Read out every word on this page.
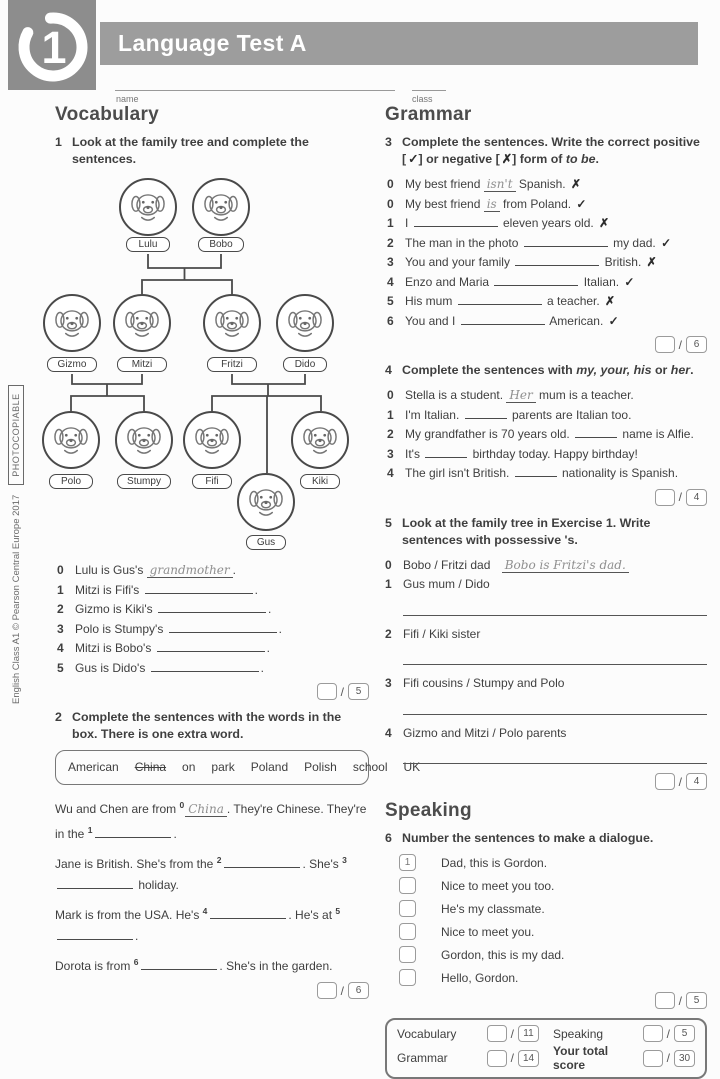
1 Language Test A
name	class
English Class A1 © Pearson Central Europe 2017
PHOTOCOPIABLE
Vocabulary
1 Look at the family tree and complete the sentences.
Lulu	Bobo
Gizmo	Mitzi	Fritzi	Dido
Polo	Stumpy	Fifi	Kiki
Gus
0 Lulu is Gus's grandmother .
1 Mitzi is Fifi's	.
2 Gizmo is Kiki's	.
3 Polo is Stumpy's	.
4 Mitzi is Bobo's	.
5 Gus is Dido's	.
/	5
2 Complete the sentences with the words in the box. There is one extra word.
American China on park Poland Polish school UK
Wu and Chen are from $^0$ China . They're Chinese. They're in the $^1$	.
Jane is British. She's from the $^2$	. She's $^3$ holiday.
Mark is from the USA. He's $^4$	. He's at $^5$.
Dorota is from $^6$	. She's in the garden.
/	6
Grammar
3 Complete the sentences. Write the correct positive [ ✓] or negative [ ✗] form of to be.
0 My best friend isn't Spanish. ✗
0 My best friend is from Poland. ✓
1 I	eleven years old. ✗
2 The man in the photo	my dad. ✓
3 You and your family	British. ✗
4 Enzo and Maria	Italian. ✓
5 His mum	a teacher. ✗
6 You and I	American. ✓
/	6
4 Complete the sentences with my, your, his or her.
0 Stella is a student. Her mum is a teacher.
1 I'm Italian.	parents are Italian too.
2 My grandfather is 70 years old.	name is Alfie.
3 It's	birthday today. Happy birthday!
4 The girl isn't British.	nationality is Spanish.
/	4
5 Look at the family tree in Exercise 1. Write sentences with possessive 's.
0 Bobo / Fritzi dad Bobo is Fritzi's dad.
1 Gus mum / Dido
2 Fifi / Kiki sister
3 Fifi cousins / Stumpy and Polo
4 Gizmo and Mitzi / Polo parents
/	4
Speaking
6 Number the sentences to make a dialogue.
1	Dad, this is Gordon.
Nice to meet you too.
He's my classmate.
Nice to meet you.
Gordon, this is my dad.
Hello, Gordon.
/	5
Vocabulary	/ 11	Speaking	/	5
Grammar	/ 14	Your total score	/ 30
